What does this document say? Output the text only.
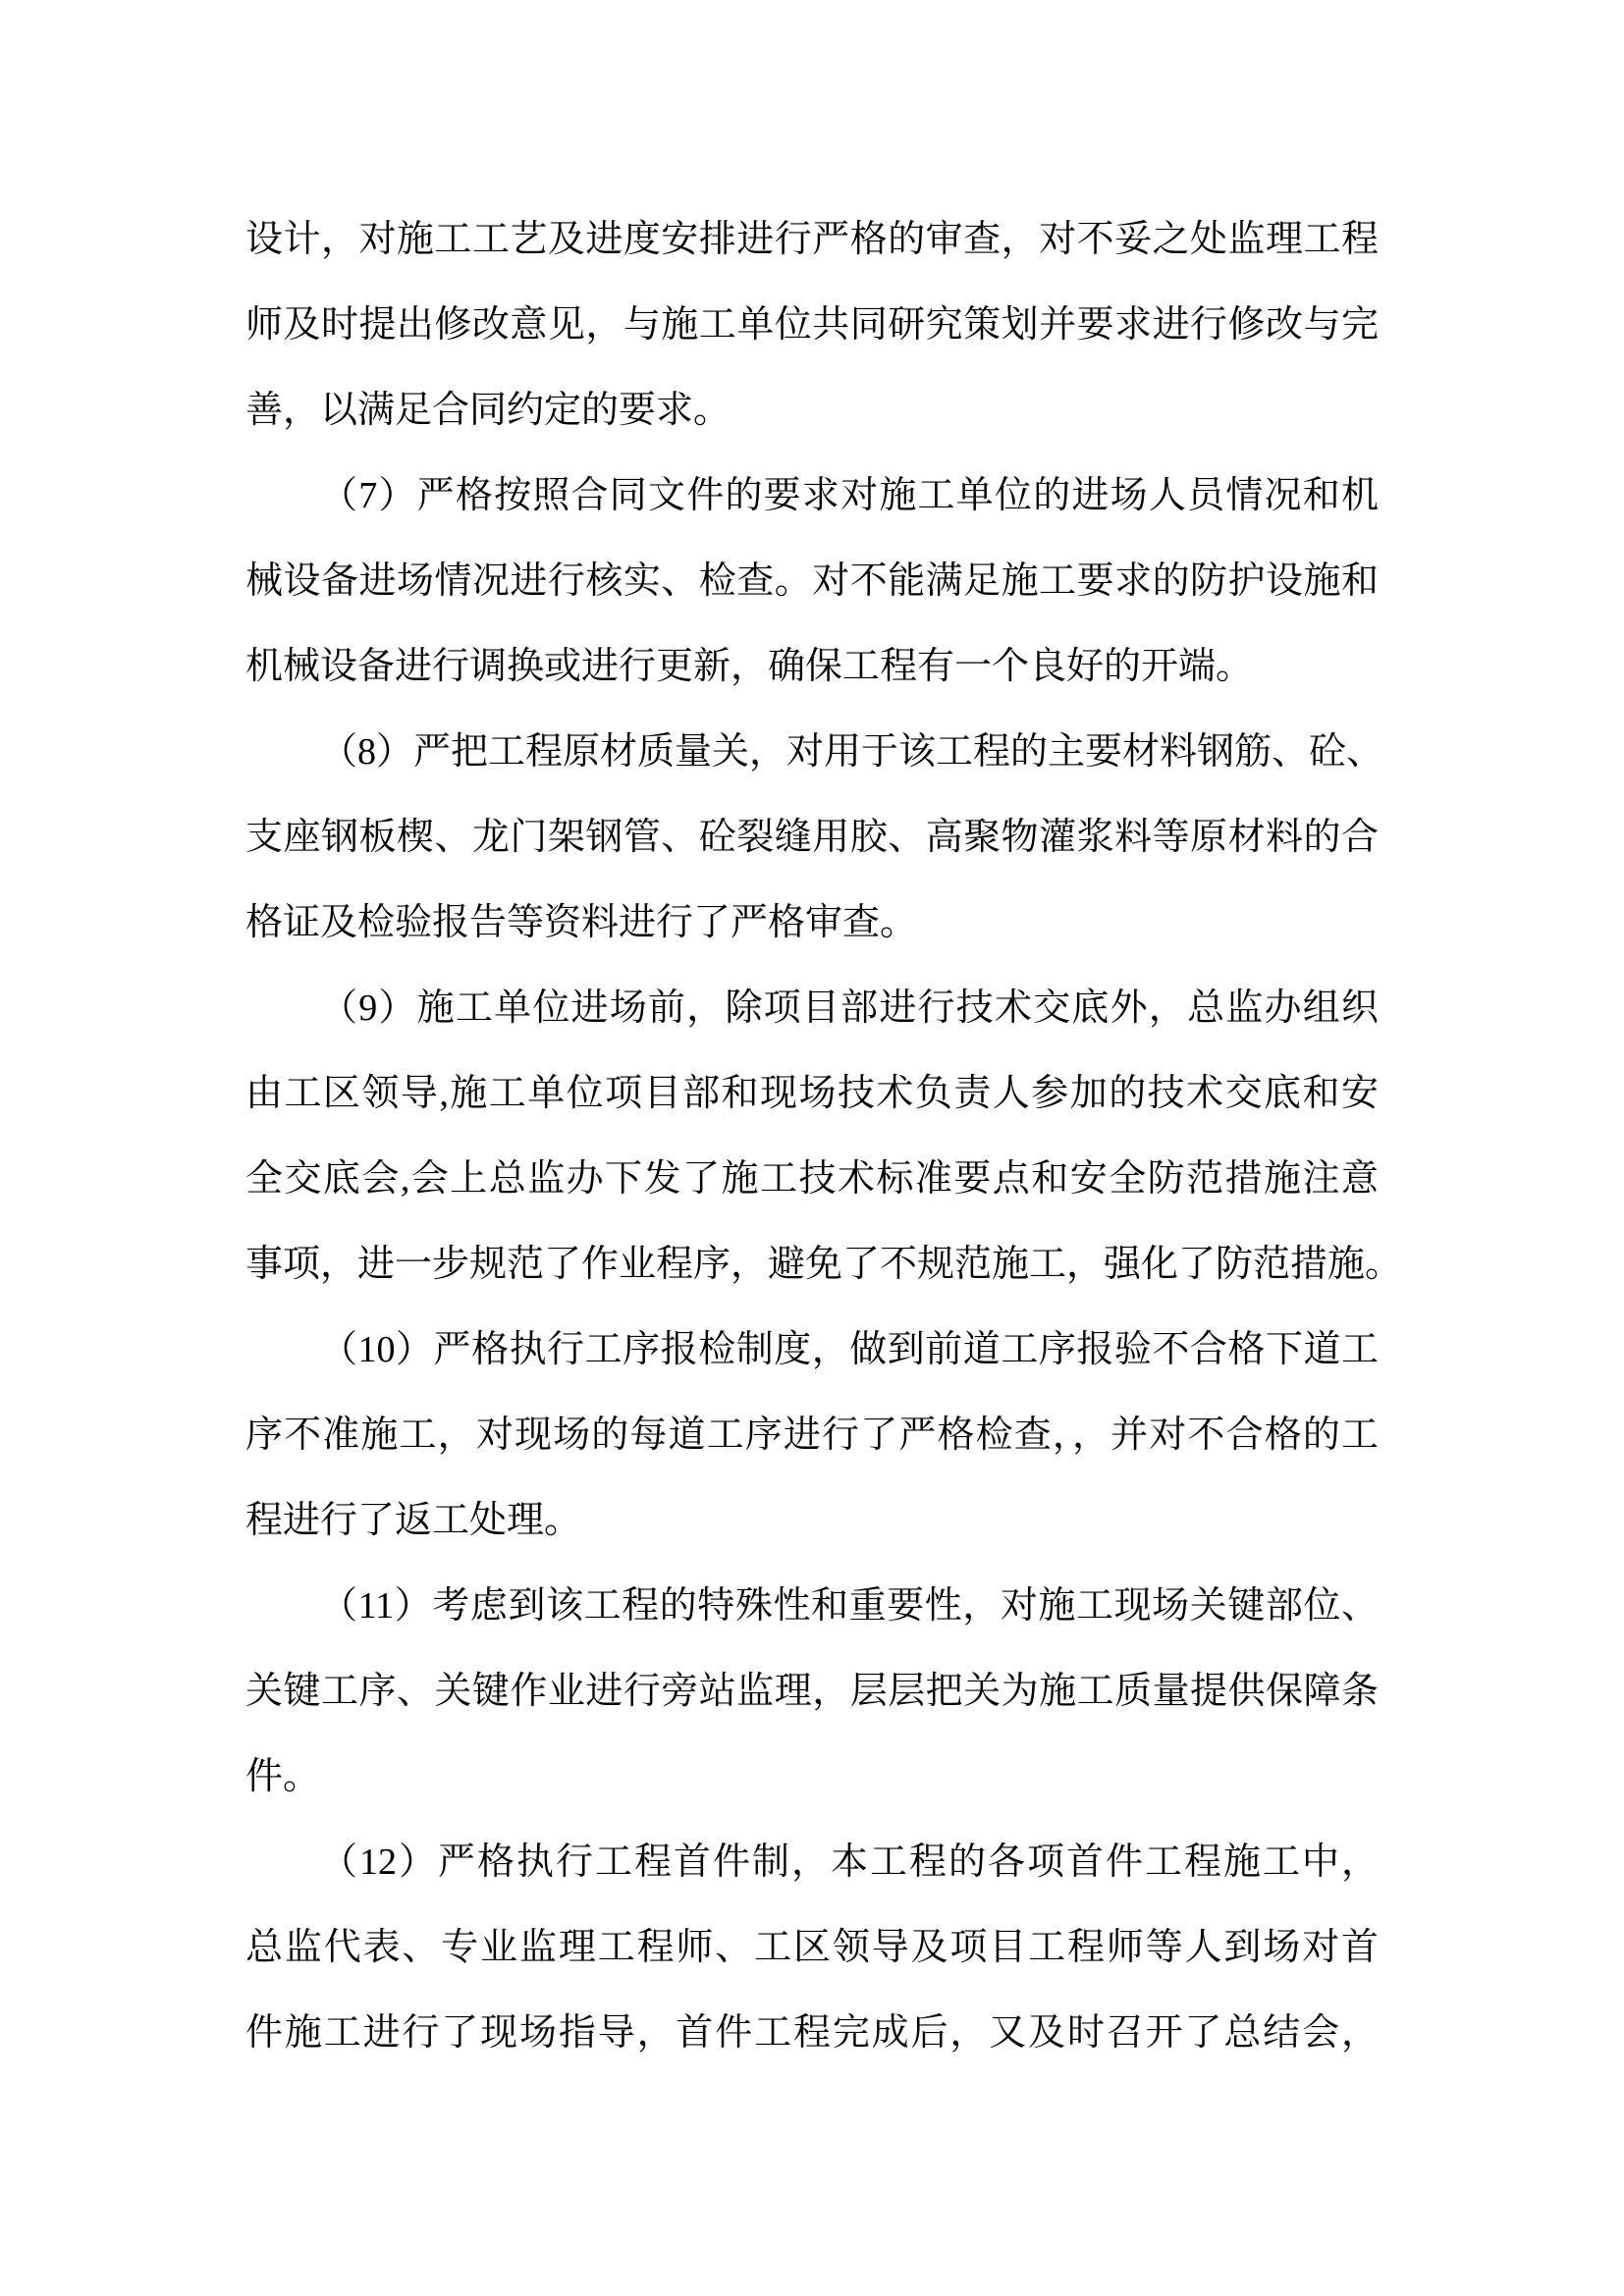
设计，对施工工艺及进度安排进行严格的审查，对不妥之处监理工程
师及时提出修改意见，与施工单位共同研究策划并要求进行修改与完
善，以满足合同约定的要求。
（7）严格按照合同文件的要求对施工单位的进场人员情况和机
械设备进场情况进行核实、检查。对不能满足施工要求的防护设施和
机械设备进行调换或进行更新，确保工程有一个良好的开端。
（8）严把工程原材质量关，对用于该工程的主要材料钢筋、砼、
支座钢板楔、龙门架钢管、砼裂缝用胶、高聚物灌浆料等原材料的合
格证及检验报告等资料进行了严格审查。
（9）施工单位进场前，除项目部进行技术交底外，总监办组织
由工区领导,施工单位项目部和现场技术负责人参加的技术交底和安
全交底会,会上总监办下发了施工技术标准要点和安全防范措施注意
事项，进一步规范了作业程序，避免了不规范施工，强化了防范措施。
（10）严格执行工序报检制度，做到前道工序报验不合格下道工
序不准施工，对现场的每道工序进行了严格检查，，并对不合格的工
程进行了返工处理。
（11）考虑到该工程的特殊性和重要性，对施工现场关键部位、
关键工序、关键作业进行旁站监理，层层把关为施工质量提供保障条
件。
（12）严格执行工程首件制，本工程的各项首件工程施工中，
总监代表、专业监理工程师、工区领导及项目工程师等人到场对首
件施工进行了现场指导，首件工程完成后，又及时召开了总结会，
